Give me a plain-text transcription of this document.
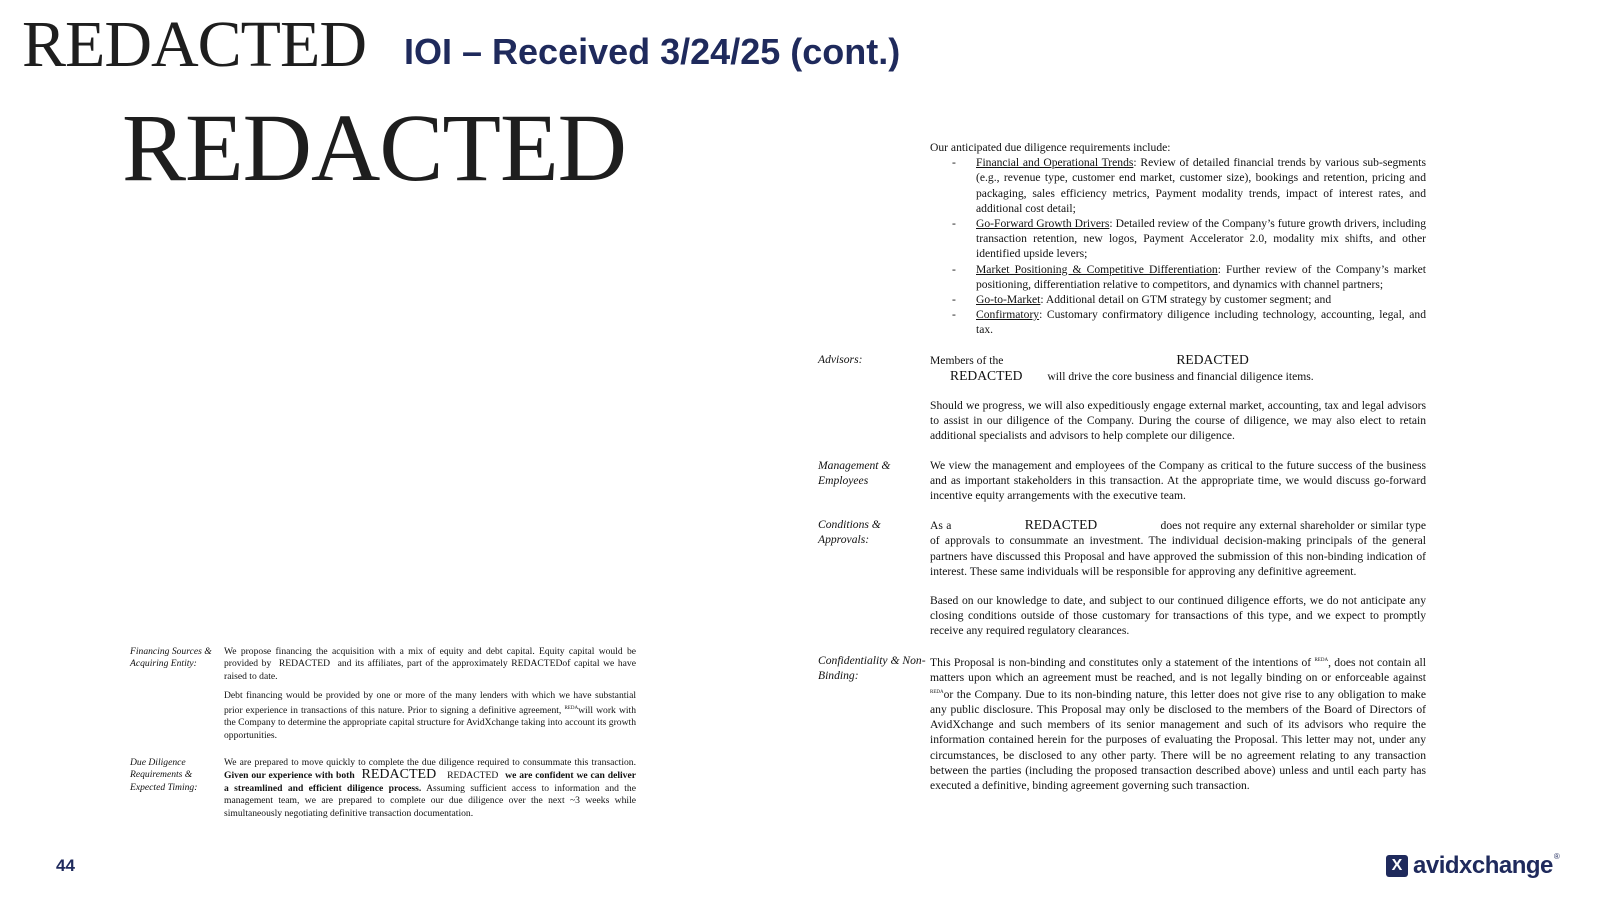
REDACTED IOI – Received 3/24/25 (cont.)
REDACTED
Financing Sources & Acquiring Entity:

We propose financing the acquisition with a mix of equity and debt capital. Equity capital would be provided by REDACTED and its affiliates, part of the approximately REDACTEDof capital we have raised to date.

Debt financing would be provided by one or more of the many lenders with which we have substantial prior experience in transactions of this nature. Prior to signing a definitive agreement, $^{REDA}$will work with the Company to determine the appropriate capital structure for AvidXchange taking into account its growth opportunities.

Due Diligence Requirements & Expected Timing:

We are prepared to move quickly to complete the due diligence required to consummate this transaction. Given our experience with both REDACTED REDACTED we are confident we can deliver a streamlined and efficient diligence process. Assuming sufficient access to information and the management team, we are prepared to complete our due diligence over the next ~3 weeks while simultaneously negotiating definitive transaction documentation.

Our anticipated due diligence requirements include:
- Financial and Operational Trends: Review of detailed financial trends by various sub-segments (e.g., revenue type, customer end market, customer size), bookings and retention, pricing and packaging, sales efficiency metrics, Payment modality trends, impact of interest rates, and additional cost detail;
- Go-Forward Growth Drivers: Detailed review of the Company’s future growth drivers, including transaction retention, new logos, Payment Accelerator 2.0, modality mix shifts, and other identified upside levers;
- Market Positioning & Competitive Differentiation: Further review of the Company’s market positioning, differentiation relative to competitors, and dynamics with channel partners;
- Go-to-Market: Additional detail on GTM strategy by customer segment; and
- Confirmatory: Customary confirmatory diligence including technology, accounting, legal, and tax.
Advisors:	Members of the	REDACTED
REDACTED will drive the core business and financial diligence items.

Should we progress, we will also expeditiously engage external market, accounting, tax and legal advisors to assist in our diligence of the Company. During the course of diligence, we may also elect to retain additional specialists and advisors to help complete our diligence.

Management & Employees

We view the management and employees of the Company as critical to the future success of the business and as important stakeholders in this transaction. At the appropriate time, we would discuss go-forward incentive equity arrangements with the executive team.

Conditions & Approvals:

As a	REDACTED	does not require any external shareholder or similar type of approvals to consummate an investment. The individual decision-making principals of the general partners have discussed this Proposal and have approved the submission of this non-binding indication of interest. These same individuals will be responsible for approving any definitive agreement.

Based on our knowledge to date, and subject to our continued diligence efforts, we do not anticipate any closing conditions outside of those customary for transactions of this type, and we expect to promptly receive any required regulatory clearances.

Confidentiality & Non-Binding:

This Proposal is non-binding and constitutes only a statement of the intentions of $^{REDA}$, does not contain all matters upon which an agreement must be reached, and is not legally binding on or enforceable against $^{REDA}$or the Company. Due to its non-binding nature, this letter does not give rise to any obligation to make any public disclosure. This Proposal may only be disclosed to the members of the Board of Directors of AvidXchange and such members of its senior management and such of its advisors who require the information contained herein for the purposes of evaluating the Proposal. This letter may not, under any circumstances, be disclosed to any other party. There will be no agreement relating to any transaction between the parties (including the proposed transaction described above) unless and until each party has executed a definitive, binding agreement governing such transaction.

44	X avidxchange ®
